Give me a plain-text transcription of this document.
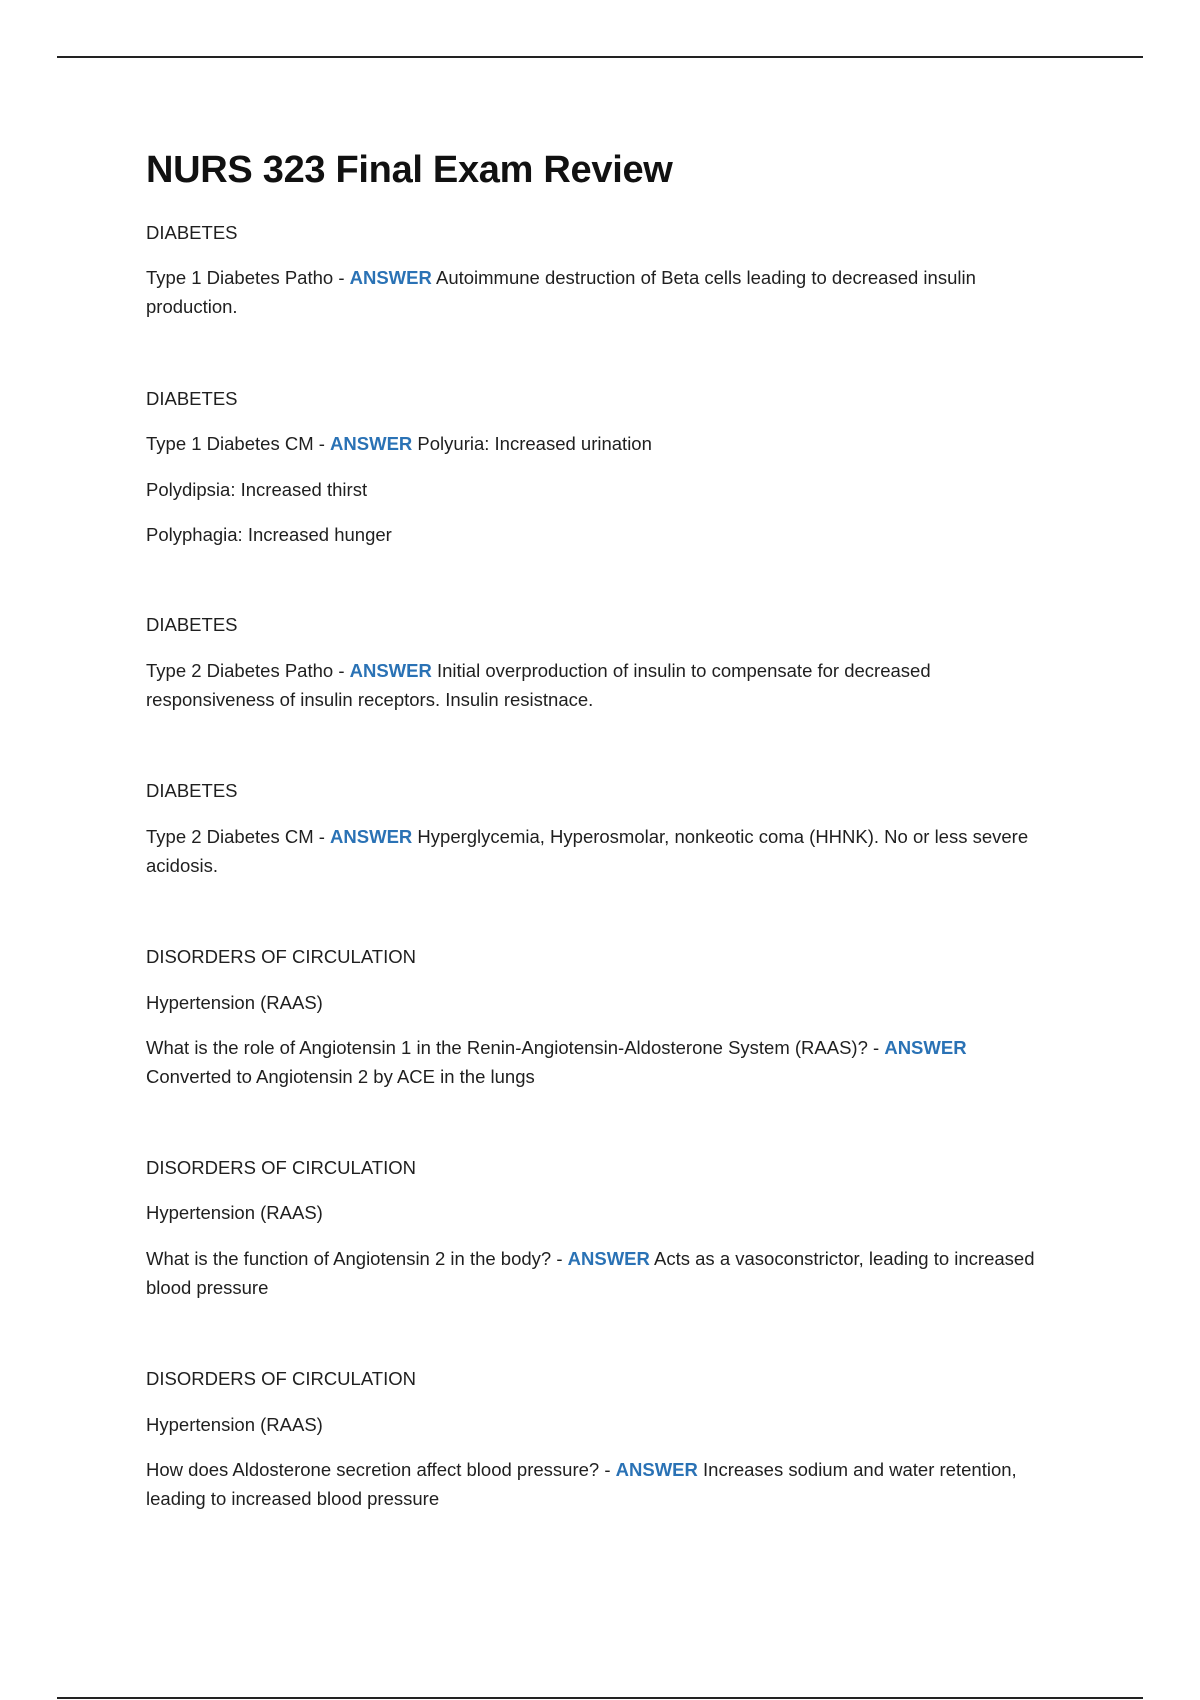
NURS 323 Final Exam Review

DIABETES

Type 1 Diabetes Patho - ANSWER Autoimmune destruction of Beta cells leading to decreased insulin production.

DIABETES

Type 1 Diabetes CM - ANSWER Polyuria: Increased urination

Polydipsia: Increased thirst

Polyphagia: Increased hunger

DIABETES

Type 2 Diabetes Patho - ANSWER Initial overproduction of insulin to compensate for decreased responsiveness of insulin receptors. Insulin resistnace.

DIABETES

Type 2 Diabetes CM - ANSWER Hyperglycemia, Hyperosmolar, nonkeotic coma (HHNK). No or less severe acidosis.

DISORDERS OF CIRCULATION

Hypertension (RAAS)

What is the role of Angiotensin 1 in the Renin-Angiotensin-Aldosterone System (RAAS)? - ANSWER Converted to Angiotensin 2 by ACE in the lungs

DISORDERS OF CIRCULATION

Hypertension (RAAS)

What is the function of Angiotensin 2 in the body? - ANSWER Acts as a vasoconstrictor, leading to increased blood pressure

DISORDERS OF CIRCULATION

Hypertension (RAAS)

How does Aldosterone secretion affect blood pressure? - ANSWER Increases sodium and water retention, leading to increased blood pressure
